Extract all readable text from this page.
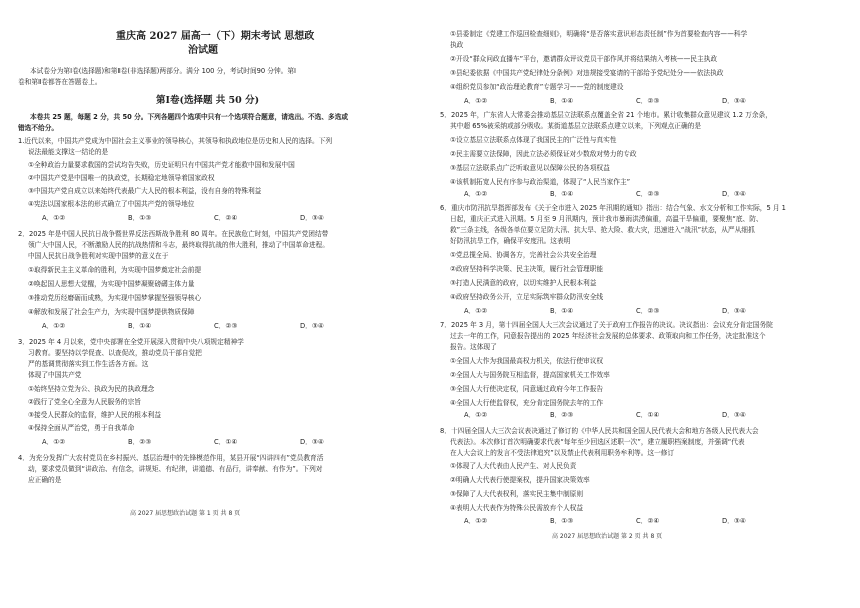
重庆高 2027 届高一（下）期末考试 思想政
治试题
本试卷分为第Ⅰ卷(选择题)和第Ⅱ卷(非选择题)两部分。满分 100 分，考试时间90 分钟。第Ⅰ
卷和第Ⅱ卷都答在答题卷上。
第Ⅰ卷(选择题 共 50 分)
本卷共 25 题，每题 2 分，共 50 分。下列各题四个选项中只有一个选项符合题意，请选出。不选、多选或
错选不给分。
1.近代以来，中国共产党成为中国社会主义事业的领导核心，其领导和执政地位是历史和人民的选择。下列
说法最能支撑这一结论的是
①全种政治力量要求救国的尝试均告失败，历史证明只有中国共产党才能救中国和发展中国
②中国共产党是中国唯一的执政党，长期稳定地领导着国家政权
③中国共产党自成立以来始终代表最广大人民的根本利益，没有自身的特殊利益
④宪法以国家根本法的形式确立了中国共产党的领导地位
A．①②	B．①③	C．②④	D．③④
2．2025 年是中国人民抗日战争暨世界反法西斯战争胜利 80 周年。在民族危亡时刻，中国共产党团结带
领广大中国人民，不断激励人民的抗战热情和斗志，最终取得抗战的伟大胜利，推动了中国革命进程。
中国人民抗日战争胜利对实现中国梦的意义在于
①取得新民主主义革命的胜利，为实现中国梦奠定社会前提
②唤起国人思想大觉醒，为实现中国梦凝聚磅礴主体力量
③推动党历经磨砺而成熟，为实现中国梦掌握坚强领导核心
④解放和发展了社会生产力，为实现中国梦提供物质保障
A．①②	B．①④	C．②③	D．③④
3．2025 年 4 月以来，党中央部署在全党开展深入贯彻中央八项规定精神学
习教育。要坚持以学促查、以查促改，推动党员干部自觉把
严的基调贯彻落实到工作生活各方面。这
体现了中国共产党
①始终坚持立党为公、执政为民的执政理念
②践行了党全心全意为人民服务的宗旨
③接受人民群众的监督，维护人民的根本利益
④保持全面从严治党，勇于自我革命
A．①②	B．②③	C．①④	D．③④
4．为充分发挥广大农村党员在乡村振兴、基层治理中的先锋模范作用，某县开展“四讲四有”党员教育活
动，要求党员做到“讲政治、有信念，讲规矩、有纪律，讲道德、有品行，讲奉献、有作为”。下列对
应正确的是
高 2027 届思想政治试题 第 1 页 共 8 页
①县委制定《党建工作巡回检查细则》，明确将“是否落实意识形态责任制”作为首要检查内容——科学
执政
②开设“群众问政直播车”平台，邀请群众评议党员干部作风并将结果纳入考核——民主执政
③县纪委依据《中国共产党纪律处分条例》对违规接受宴请的干部给予党纪处分——依法执政
④组织党员参加“政治理论教育”专题学习——党的制度建设
A．①②	B．①④	C．②③	D．③④
5．2025 年，广东省人大常委会推动基层立法联系点覆盖全省 21 个地市。累计收集群众意见建议 1.2 万余条，
其中超 65%被采纳或部分吸收。某街道基层立法联系点建立以来，下列观点正确的是
①设立基层立法联系点体现了我国民主的广泛性与真实性
②民主需要立法保障，因此立法必须保证对少数敌对势力的专政
③基层立法联系点广泛听取意见以保障公民的各项权益
④该机制拓宽人民有序参与政治渠道，体现了“人民当家作主”
A．①②	B．①④	C．②③	D．③④
6．重庆市防汛抗旱指挥部发布《关于全市进入 2025 年汛期的通知》指出：结合气象、水文分析和工作实际，5 月 1
日起，重庆正式进入汛期。5 月至 9 月汛期内，预计我市暴雨洪涝偏重，高温干旱偏重，要聚焦“底、防、
救”三条主线，各级各单位要立足防大汛、抗大旱、抢大险、救大灾，迅速进入“战汛”状态，从严从细抓
好防汛抗旱工作，确保平安度汛。这表明
①党总揽全局、协调各方，完善社会公共安全治理
②政府坚持科学决策、民主决策，履行社会管理职能
③打造人民满意的政府，以切实维护人民根本利益
④政府坚持政务公开，立足实际筑牢群众防汛安全线
A．①②	B．①④	C．②③	D．③④
7．2025 年 3 月，第十四届全国人大三次会议通过了关于政府工作报告的决议。决议指出：会议充分肯定国务院
过去一年的工作，同意报告提出的 2025 年经济社会发展的总体要求、政策取向和工作任务，决定批准这个
报告。这体现了
①全国人大作为我国最高权力机关，依法行使审议权
②全国人大与国务院互相监督，提高国家机关工作效率
③全国人大行使决定权，同意通过政府今年工作报告
④全国人大行使监督权，充分肯定国务院去年的工作
A．①②	B．②③	C．①④	D．③④
8．十四届全国人大三次会议表决通过了修订的《中华人民共和国全国人民代表大会和地方各级人民代表大会
代表法》。本次修订首次明确要求代表“每年至少回选区述职一次”，建立履职档案制度，并强调“代表
在人大会议上的发言不受法律追究”以及禁止代表利用职务牟利等。这一修订
①体现了人大代表由人民产生、对人民负责
②明确人大代表行使提案权，提升国家决策效率
③保障了人大代表权利，落实民主集中制原则
④表明人大代表作为特殊公民需放弃个人权益
A．①②	B．①③	C．②④	D．③④
高 2027 届思想政治试题 第 2 页 共 8 页
